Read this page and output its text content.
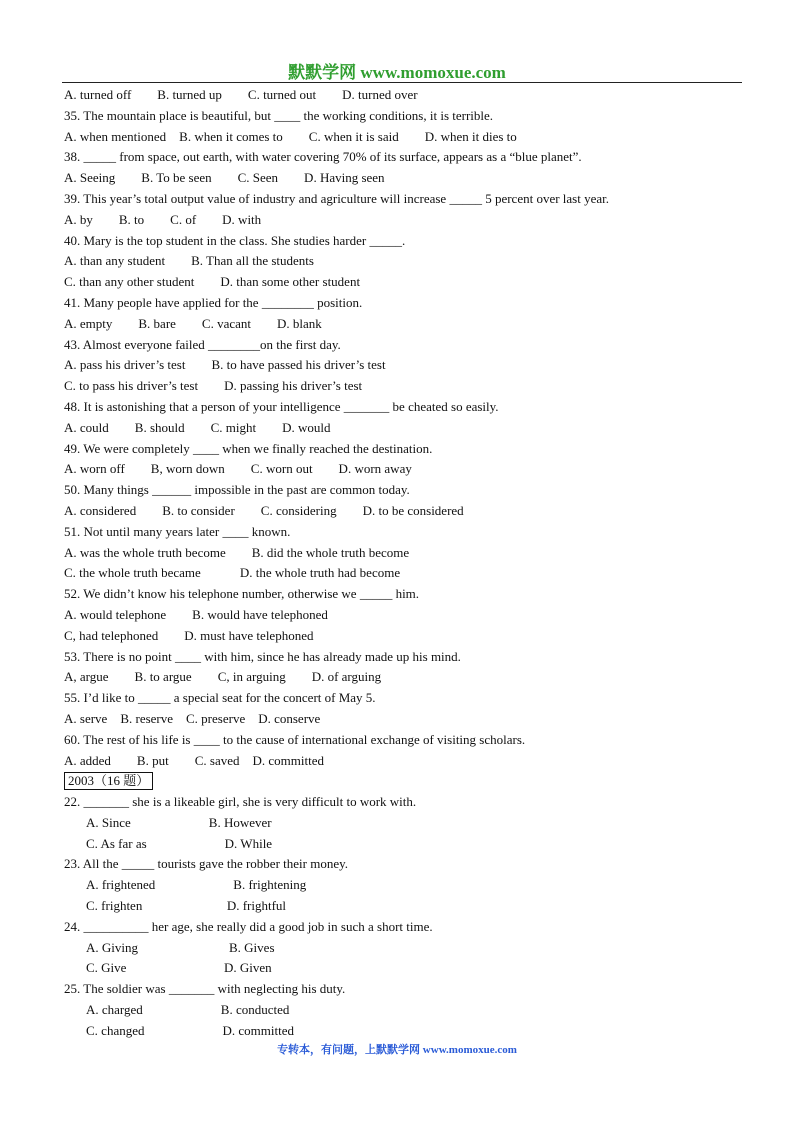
默默学网 www.momoxue.com
A. turned off        B. turned up        C. turned out        D. turned over
35. The mountain place is beautiful, but ____ the working conditions, it is terrible.
A. when mentioned    B. when it comes to        C. when it is said        D. when it dies to
38. _____ from space, out earth, with water covering 70% of its surface, appears as a “blue planet”.
A. Seeing        B. To be seen        C. Seen        D. Having seen
39. This year’s total output value of industry and agriculture will increase _____ 5 percent over last year.
A. by        B. to        C. of        D. with
40. Mary is the top student in the class. She studies harder _____.
A. than any student        B. Than all the students
C. than any other student        D. than some other student
41. Many people have applied for the ________ position.
A. empty        B. bare        C. vacant        D. blank
43. Almost everyone failed ________on the first day.
A. pass his driver’s test        B. to have passed his driver’s test
C. to pass his driver’s test        D. passing his driver’s test
48. It is astonishing that a person of your intelligence _______ be cheated so easily.
A. could        B. should        C. might        D. would
49. We were completely ____ when we finally reached the destination.
A. worn off        B, worn down        C. worn out        D. worn away
50. Many things ______ impossible in the past are common today.
A. considered        B. to consider        C. considering        D. to be considered
51. Not until many years later ____ known.
A. was the whole truth become        B. did the whole truth become
C. the whole truth became            D. the whole truth had become
52. We didn’t know his telephone number, otherwise we _____ him.
A. would telephone        B. would have telephoned
C, had telephoned        D. must have telephoned
53. There is no point ____ with him, since he has already made up his mind.
A, argue        B. to argue        C, in arguing        D. of arguing
55. I’d like to _____ a special seat for the concert of May 5.
A. serve    B. reserve    C. preserve    D. conserve
60. The rest of his life is ____ to the cause of international exchange of visiting scholars.
A. added        B. put        C. saved    D. committed
2003（16 题）
22. _______ she is a likeable girl, she is very difficult to work with.
A. Since                        B. However
C. As far as                        D. While
23. All the _____ tourists gave the robber their money.
A. frightened                        B. frightening
C. frighten                          D. frightful
24. __________ her age, she really did a good job in such a short time.
A. Giving                            B. Gives
C. Give                              D. Given
25. The soldier was _______ with neglecting his duty.
A. charged                        B. conducted
C. changed                        D. committed
专转本，有问题，上默默学网 www.momoxue.com
